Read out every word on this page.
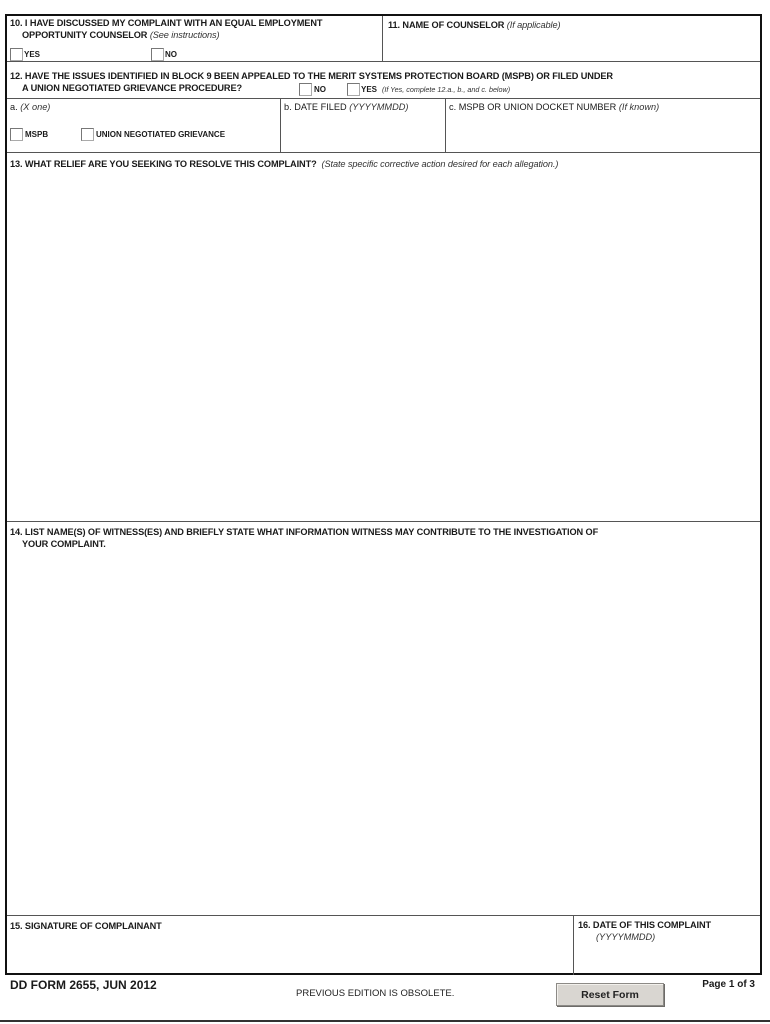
10. I HAVE DISCUSSED MY COMPLAINT WITH AN EQUAL EMPLOYMENT
OPPORTUNITY COUNSELOR (See instructions)
YES	NO
11. NAME OF COUNSELOR (If applicable)
12. HAVE THE ISSUES IDENTIFIED IN BLOCK 9 BEEN APPEALED TO THE MERIT SYSTEMS PROTECTION BOARD (MSPB) OR FILED UNDER
A UNION NEGOTIATED GRIEVANCE PROCEDURE?	NO	YES (If Yes, complete 12.a., b., and c. below)
a. (X one)
MSPB	UNION NEGOTIATED GRIEVANCE
b. DATE FILED (YYYYMMDD)	c. MSPB OR UNION DOCKET NUMBER (If known)
13. WHAT RELIEF ARE YOU SEEKING TO RESOLVE THIS COMPLAINT? (State specific corrective action desired for each allegation.)
14. LIST NAME(S) OF WITNESS(ES) AND BRIEFLY STATE WHAT INFORMATION WITNESS MAY CONTRIBUTE TO THE INVESTIGATION OF
YOUR COMPLAINT.
15. SIGNATURE OF COMPLAINANT	16. DATE OF THIS COMPLAINT
(YYYYMMDD)
DD FORM 2655, JUN 2012
PREVIOUS EDITION IS OBSOLETE.	Reset Form
Page 1 of 3
